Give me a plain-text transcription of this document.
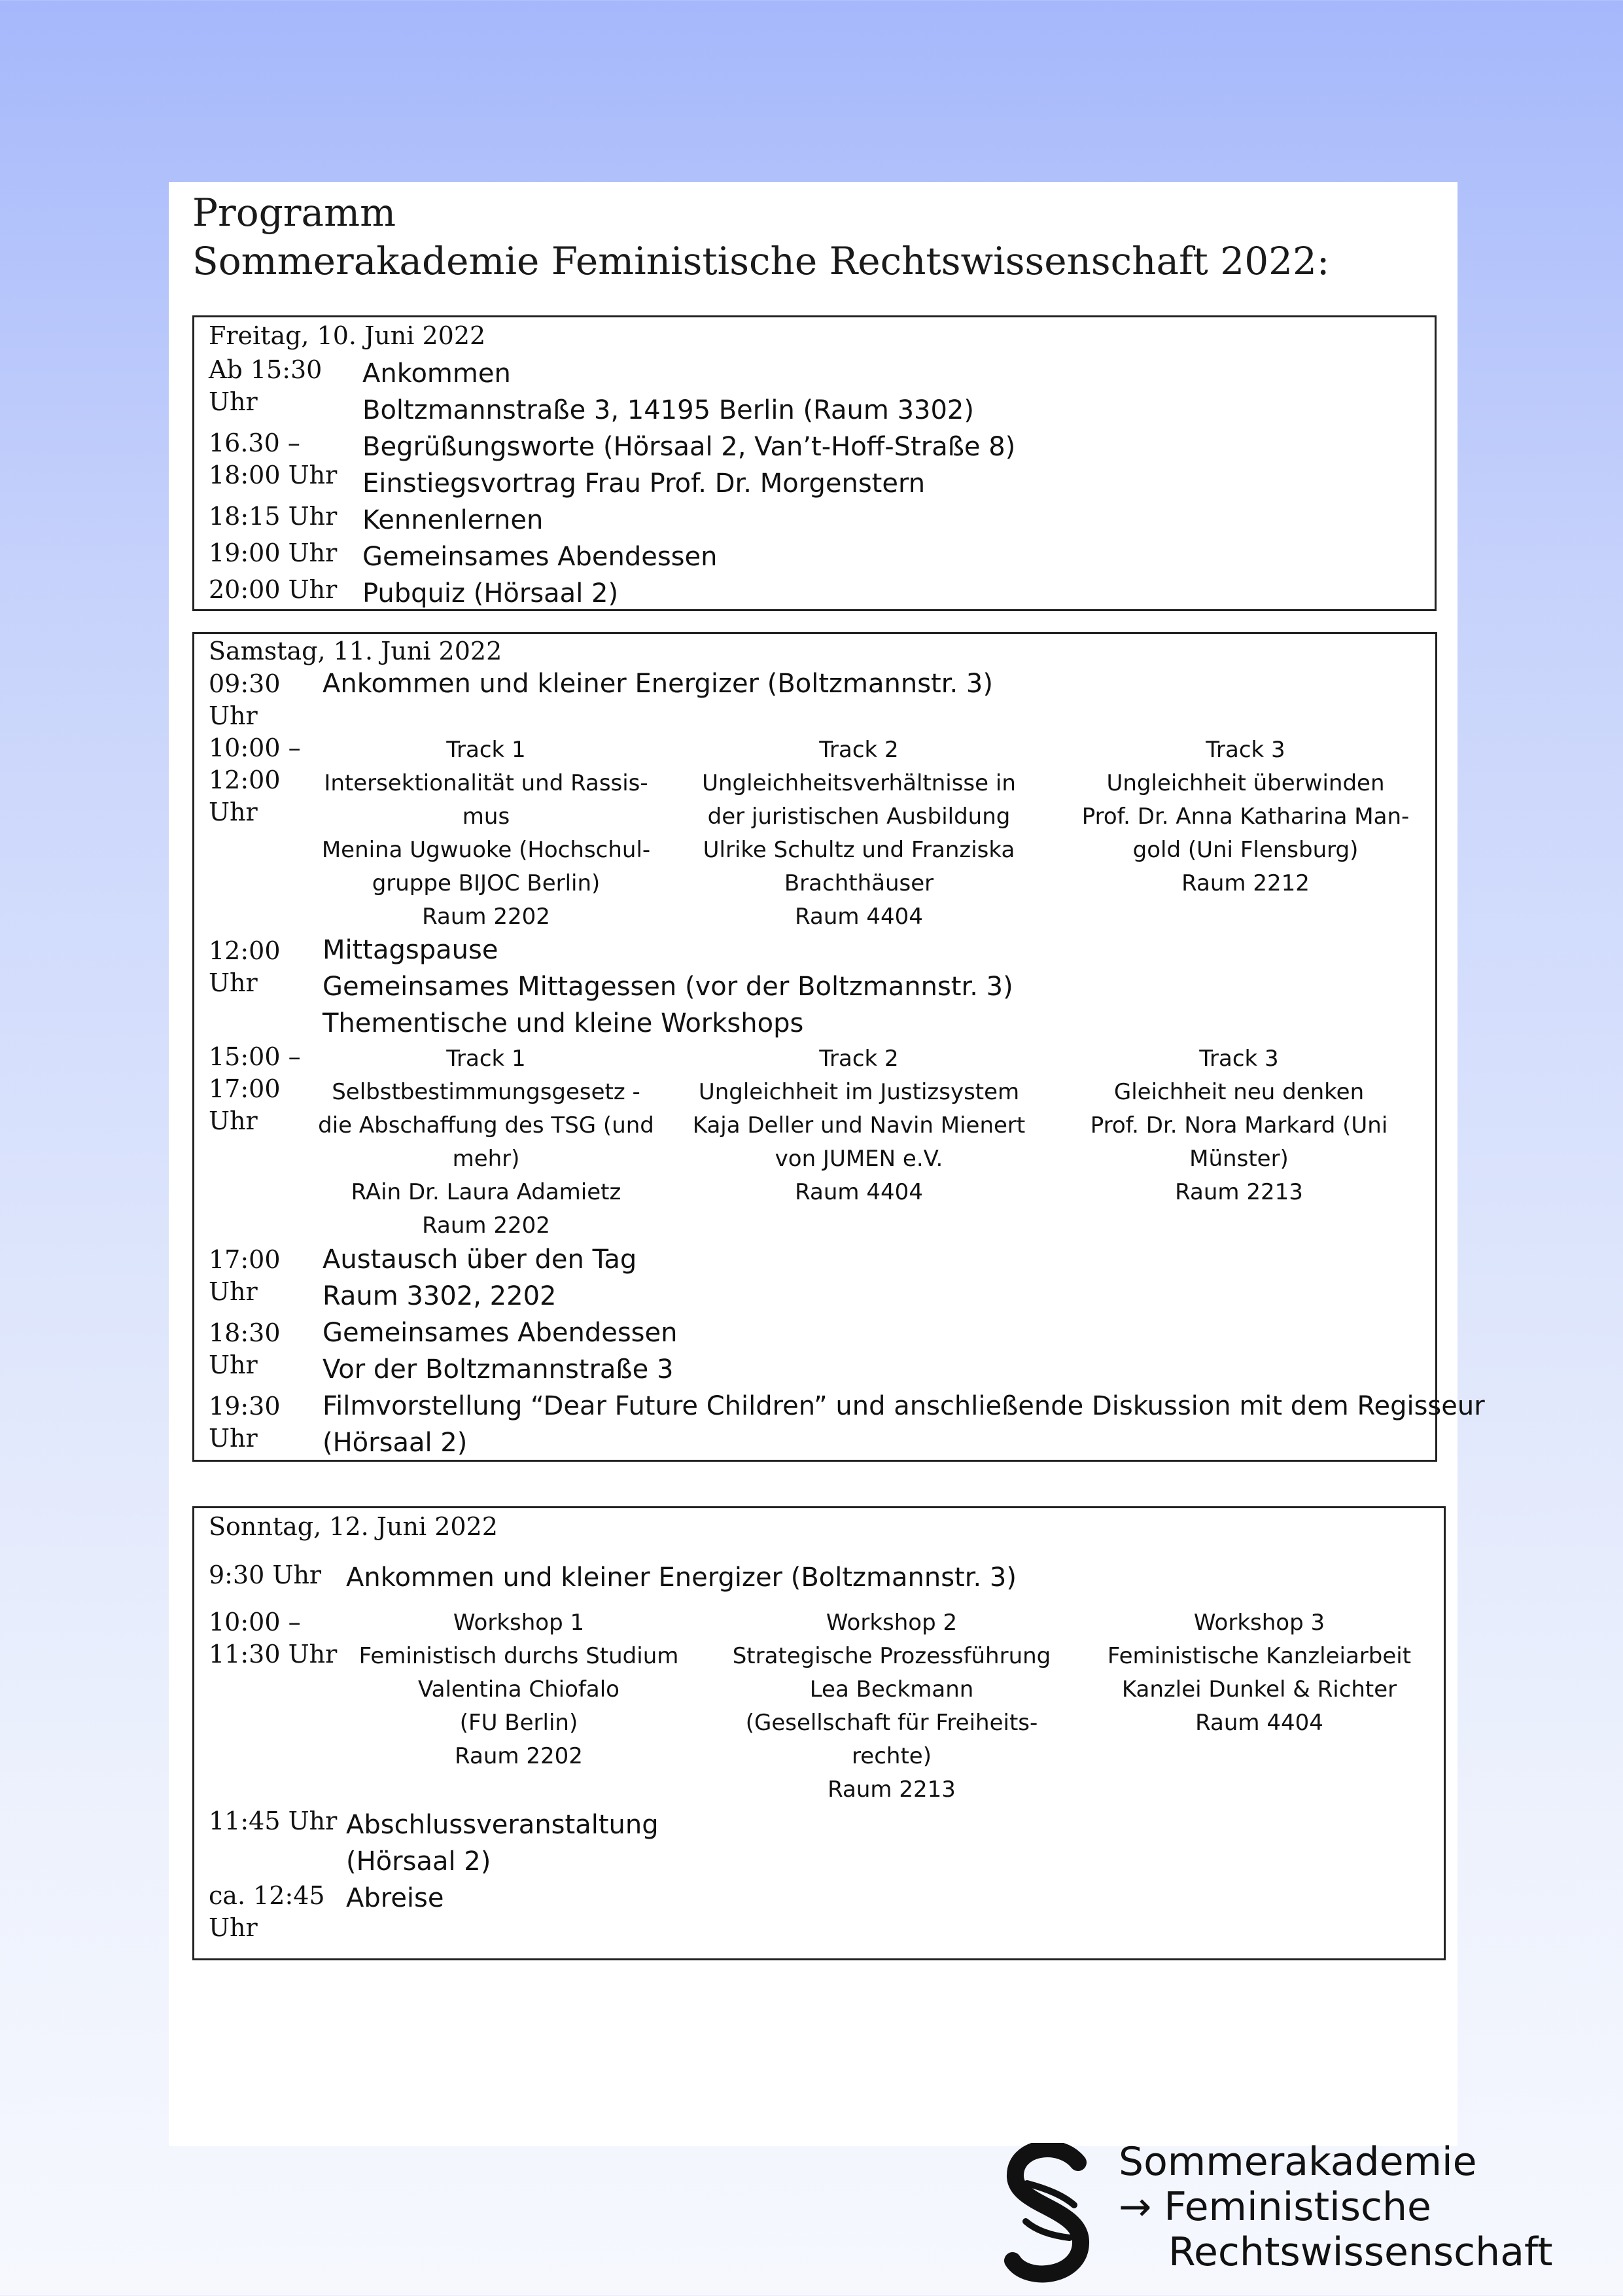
Programm
Sommerakademie Feministische Rechtswissenschaft 2022:
Freitag, 10. Juni 2022
Ab 15:30
Uhr
Ankommen
Boltzmannstraße 3, 14195 Berlin (Raum 3302)
16.30 –
18:00 Uhr
Begrüßungsworte (Hörsaal 2, Van’t-Hoff-Straße 8)
Einstiegsvortrag Frau Prof. Dr. Morgenstern
18:15 Uhr Kennenlernen
19:00 Uhr Gemeinsames Abendessen
20:00 Uhr Pubquiz (Hörsaal 2)
Samstag, 11. Juni 2022
09:30
Uhr
Ankommen und kleiner Energizer (Boltzmannstr. 3)
10:00 –
12:00
Uhr
Track 1
Intersektionalität und Rassis-
mus
Menina Ugwuoke (Hochschul-
gruppe BIJOC Berlin)
Raum 2202
Track 2
Ungleichheitsverhältnisse in
der juristischen Ausbildung
Ulrike Schultz und Franziska
Brachthäuser
Raum 4404
Track 3
Ungleichheit überwinden
Prof. Dr. Anna Katharina Man-
gold (Uni Flensburg)
Raum 2212
12:00
Uhr
Mittagspause
Gemeinsames Mittagessen (vor der Boltzmannstr. 3)
Thementische und kleine Workshops
15:00 –
17:00
Uhr
Track 1
Selbstbestimmungsgesetz -
die Abschaffung des TSG (und
mehr)
RAin Dr. Laura Adamietz
Raum 2202
Track 2
Ungleichheit im Justizsystem
Kaja Deller und Navin Mienert
von JUMEN e.V.
Raum 4404
Track 3
Gleichheit neu denken
Prof. Dr. Nora Markard (Uni
Münster)
Raum 2213
17:00
Uhr
Austausch über den Tag
Raum 3302, 2202
18:30
Uhr
Gemeinsames Abendessen
Vor der Boltzmannstraße 3
19:30
Uhr
Filmvorstellung “Dear Future Children” und anschließende Diskussion mit dem Regisseur
(Hörsaal 2)
Sonntag, 12. Juni 2022
9:30 Uhr Ankommen und kleiner Energizer (Boltzmannstr. 3)
10:00 –
11:30 Uhr
Workshop 1
Feministisch durchs Studium
Valentina Chiofalo
(FU Berlin)
Raum 2202
Workshop 2
Strategische Prozessführung
Lea Beckmann
(Gesellschaft für Freiheits-
rechte)
Raum 2213
Workshop 3
Feministische Kanzleiarbeit
Kanzlei Dunkel & Richter
Raum 4404
11:45 Uhr Abschlussveranstaltung
(Hörsaal 2)
ca. 12:45
Uhr
Abreise
Sommerakademie
→ Feministische
Rechtswissenschaft
